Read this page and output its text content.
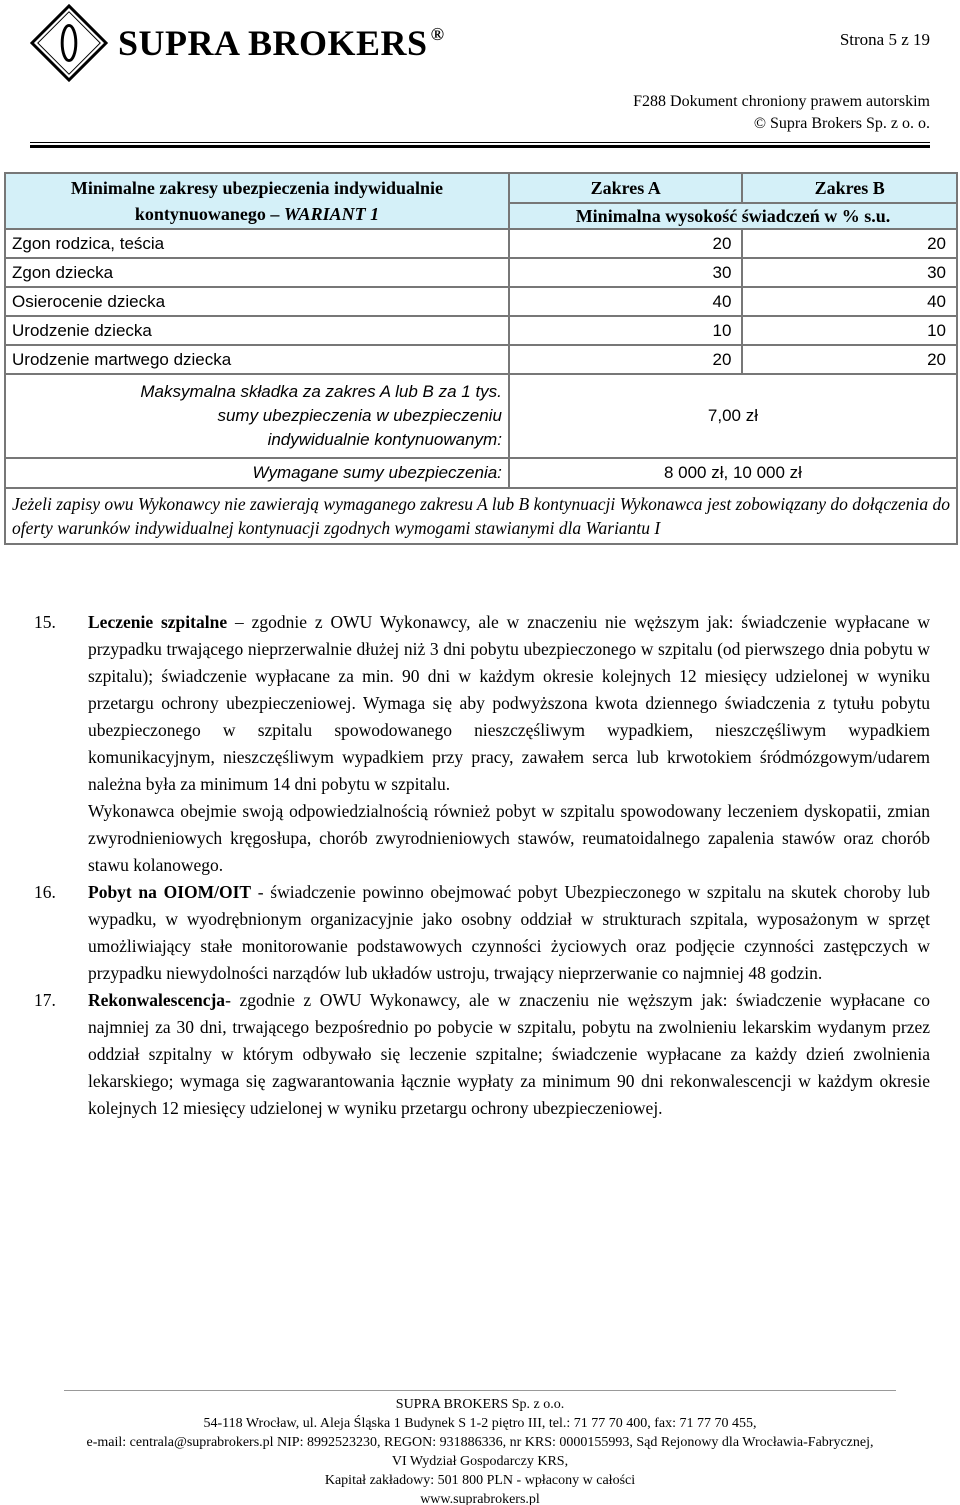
SUPRA BROKERS ®	Strona 5 z 19
F288 Dokument chroniony prawem autorskim
© Supra Brokers Sp. z o. o.
Minimalne zakresy ubezpieczenia indywidualnie
kontynuowanego – WARIANT 1	Zakres A	Zakres B
	Minimalna wysokość świadczeń w % s.u.	
Zgon rodzica, teścia	20	20
Zgon dziecka	30	30
Osierocenie dziecka	40	40
Urodzenie dziecka	10	10
Urodzenie martwego dziecka	20	20

Maksymalna składka za zakres A lub B za 1 tys.
sumy ubezpieczenia w ubezpieczeniu
indywidualnie kontynuowanym:	7,00 zł	
Wymagane sumy ubezpieczenia:	8 000 zł, 10 000 zł	
Jeżeli zapisy owu Wykonawcy nie zawierają wymaganego zakresu A lub B kontynuacji Wykonawca jest zobowiązany do dołączenia do oferty warunków indywidualnej kontynuacji zgodnych wymogami stawianymi dla Wariantu I		
15.	Leczenie szpitalne – zgodnie z OWU Wykonawcy, ale w znaczeniu nie węższym jak: świadczenie wypłacane w przypadku trwającego nieprzerwalnie dłużej niż 3 dni pobytu ubezpieczonego w szpitalu (od pierwszego dnia pobytu w szpitalu); świadczenie wypłacane za min. 90 dni w każdym okresie kolejnych 12 miesięcy udzielonej w wyniku przetargu ochrony ubezpieczeniowej. Wymaga się aby podwyższona kwota dziennego świadczenia z tytułu pobytu ubezpieczonego w szpitalu spowodowanego nieszczęśliwym wypadkiem, nieszczęśliwym wypadkiem komunikacyjnym, nieszczęśliwym wypadkiem przy pracy, zawałem serca lub krwotokiem śródmózgowym/udarem należna była za minimum 14 dni pobytu w szpitalu.

Wykonawca obejmie swoją odpowiedzialnością również pobyt w szpitalu spowodowany leczeniem dyskopatii, zmian zwyrodnieniowych kręgosłupa, chorób zwyrodnieniowych stawów, reumatoidalnego zapalenia stawów oraz chorób stawu kolanowego.

16.	Pobyt na OIOM/OIT - świadczenie powinno obejmować pobyt Ubezpieczonego w szpitalu na skutek choroby lub wypadku, w wyodrębnionym organizacyjnie jako osobny oddział w strukturach szpitala, wyposażonym w sprzęt umożliwiający stałe monitorowanie podstawowych czynności życiowych oraz podjęcie czynności zastępczych w przypadku niewydolności narządów lub układów ustroju, trwający nieprzerwanie co najmniej 48 godzin.

17.	Rekonwalescencja- zgodnie z OWU Wykonawcy, ale w znaczeniu nie węższym jak: świadczenie wypłacane co najmniej za 30 dni, trwającego bezpośrednio po pobycie w szpitalu, pobytu na zwolnieniu lekarskim wydanym przez oddział szpitalny w którym odbywało się leczenie szpitalne; świadczenie wypłacane za każdy dzień zwolnienia lekarskiego; wymaga się zagwarantowania łącznie wypłaty za minimum 90 dni rekonwalescencji w każdym okresie kolejnych 12 miesięcy udzielonej w wyniku przetargu ochrony ubezpieczeniowej.

SUPRA BROKERS Sp. z o.o.
54-118 Wrocław, ul. Aleja Śląska 1 Budynek S 1-2 piętro III, tel.: 71 77 70 400, fax: 71 77 70 455,
e-mail: centrala@suprabrokers.pl NIP: 8992523230, REGON: 931886336, nr KRS: 0000155993, Sąd Rejonowy dla Wrocławia-Fabrycznej,
VI Wydział Gospodarczy KRS,
Kapitał zakładowy: 501 800 PLN - wpłacony w całości
www.suprabrokers.pl
